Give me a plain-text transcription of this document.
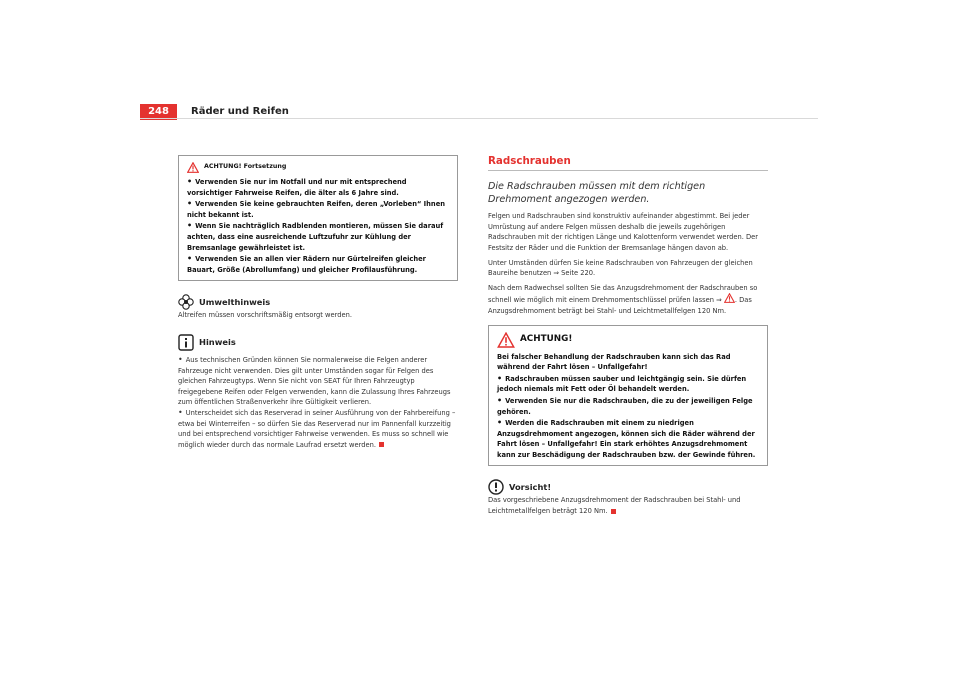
248	Räder und Reifen
ACHTUNG! Fortsetzung
• Verwenden Sie nur im Notfall und nur mit entsprechend vorsichtiger Fahrweise Reifen, die älter als 6 Jahre sind.
• Verwenden Sie keine gebrauchten Reifen, deren „Vorleben“ Ihnen nicht bekannt ist.
• Wenn Sie nachträglich Radblenden montieren, müssen Sie darauf achten, dass eine ausreichende Luftzufuhr zur Kühlung der Bremsanlage gewährleistet ist.
• Verwenden Sie an allen vier Rädern nur Gürtelreifen gleicher Bauart, Größe (Abrollumfang) und gleicher Profilausführung.
Umwelthinweis
Altreifen müssen vorschriftsmäßig entsorgt werden.
Hinweis
• Aus technischen Gründen können Sie normalerweise die Felgen anderer Fahrzeuge nicht verwenden. Dies gilt unter Umständen sogar für Felgen des gleichen Fahrzeugtyps. Wenn Sie nicht von SEAT für Ihren Fahrzeugtyp freigegebene Reifen oder Felgen verwenden, kann die Zulassung Ihres Fahrzeugs zum öffentlichen Straßenverkehr ihre Gültigkeit verlieren.
• Unterscheidet sich das Reserverad in seiner Ausführung von der Fahrbereifung – etwa bei Winterreifen – so dürfen Sie das Reserverad nur im Pannenfall kurzzeitig und bei entsprechend vorsichtiger Fahrweise verwenden. Es muss so schnell wie möglich wieder durch das normale Laufrad ersetzt werden.
Radschrauben
Die Radschrauben müssen mit dem richtigen Drehmoment angezogen werden.
Felgen und Radschrauben sind konstruktiv aufeinander abgestimmt. Bei jeder Umrüstung auf andere Felgen müssen deshalb die jeweils zugehörigen Radschrauben mit der richtigen Länge und Kalottenform verwendet werden. Der Festsitz der Räder und die Funktion der Bremsanlage hängen davon ab.
Unter Umständen dürfen Sie keine Radschrauben von Fahrzeugen der gleichen Baureihe benutzen ⇒ Seite 220.
Nach dem Radwechsel sollten Sie das Anzugsdrehmoment der Radschrauben so schnell wie möglich mit einem Drehmomentschlüssel prüfen lassen ⇒ . Das Anzugsdrehmoment beträgt bei Stahl- und Leichtmetallfelgen 120 Nm.
ACHTUNG!
Bei falscher Behandlung der Radschrauben kann sich das Rad während der Fahrt lösen – Unfallgefahr!
• Radschrauben müssen sauber und leichtgängig sein. Sie dürfen jedoch niemals mit Fett oder Öl behandelt werden.
• Verwenden Sie nur die Radschrauben, die zu der jeweiligen Felge gehören.
• Werden die Radschrauben mit einem zu niedrigen Anzugsdrehmoment angezogen, können sich die Räder während der Fahrt lösen – Unfallgefahr! Ein stark erhöhtes Anzugsdrehmoment kann zur Beschädigung der Radschrauben bzw. der Gewinde führen.
Vorsicht!
Das vorgeschriebene Anzugsdrehmoment der Radschrauben bei Stahl- und Leichtmetallfelgen beträgt 120 Nm.
